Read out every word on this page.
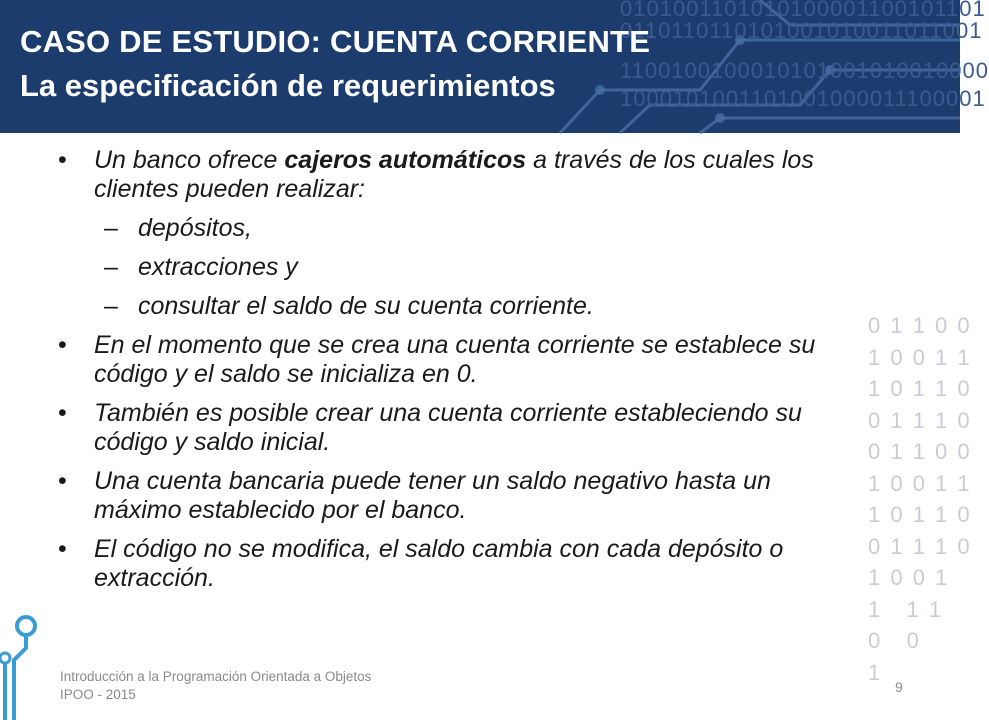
0101001101010100001100101101
0110110110101001010011011001
1100100100010101001010010000
1000101001101001000011100001
CASO DE ESTUDIO: CUENTA CORRIENTE
La especificación de requerimientos
0 1 1 0 0
1 0 0 1 1
1 0 1 1 0
0 1 1 1 0
0 1 1 0 0
1 0 0 1 1
1 0 1 1 0
0 1 1 1 0
1 0 0 1
1   1 1
0   0
1
• Un banco ofrece cajeros automáticos a través de los cuales los clientes pueden realizar:
– depósitos,
– extracciones y
– consultar el saldo de su cuenta corriente.
• En el momento que se crea una cuenta corriente se establece su código y el saldo se inicializa en 0.
• También es posible crear una cuenta corriente estableciendo su código y saldo inicial.
• Una cuenta bancaria puede tener un saldo negativo hasta un máximo establecido por el banco.
• El código no se modifica, el saldo cambia con cada depósito o extracción.
Introducción a la Programación Orientada a Objetos
IPOO - 2015	9
